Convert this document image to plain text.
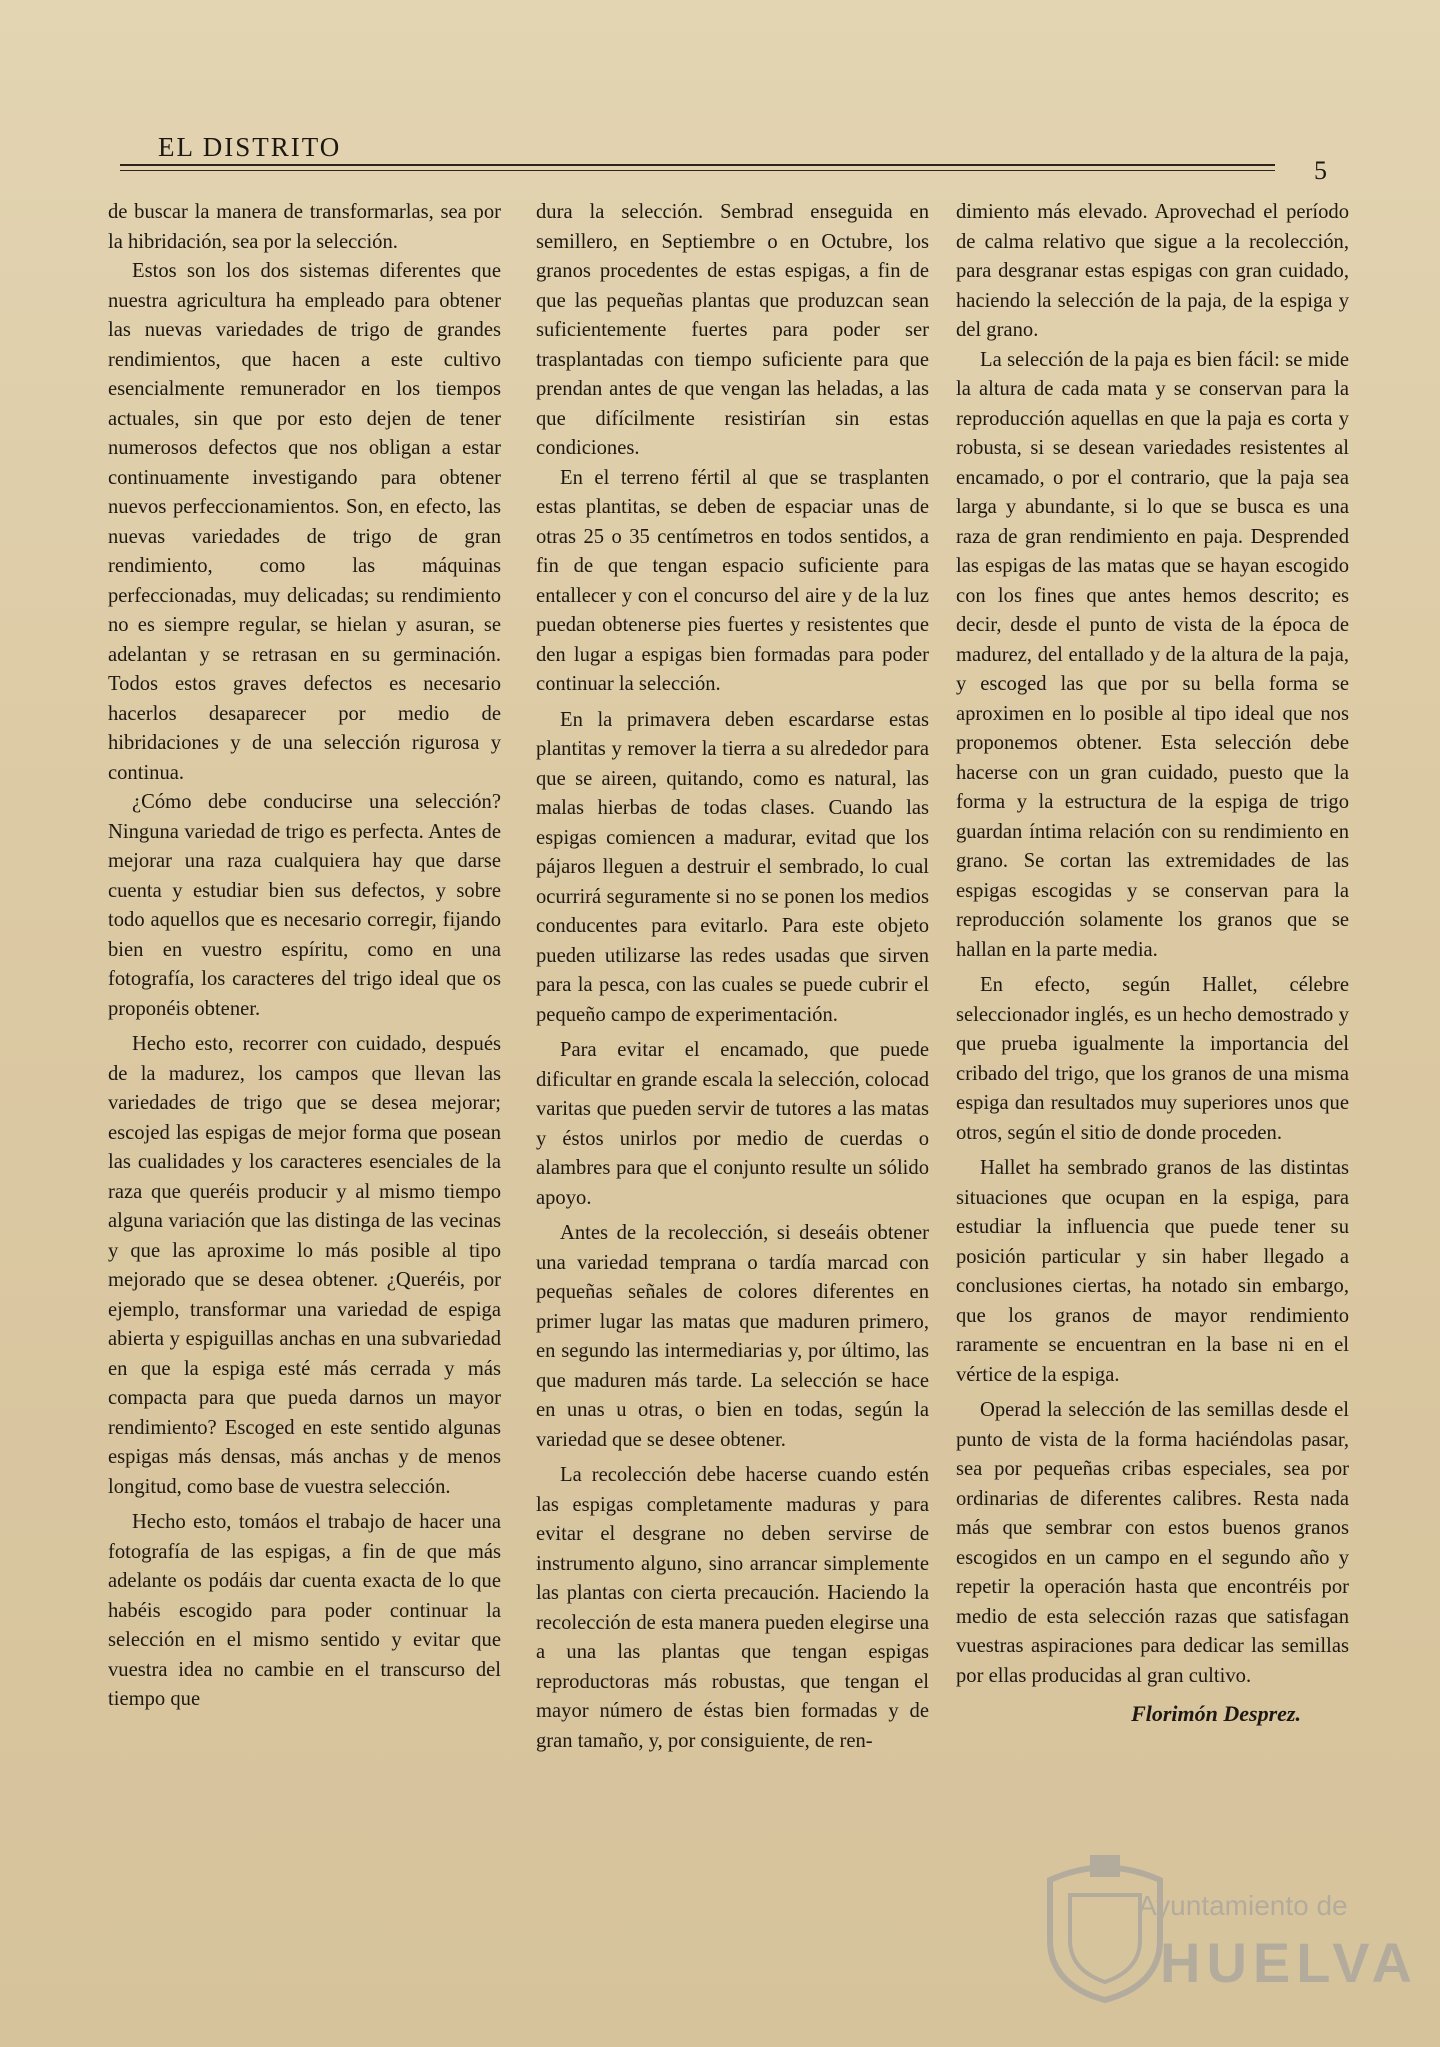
EL DISTRITO
5

de buscar la manera de transformarlas, sea por la hibridación, sea por la selección.

Estos son los dos sistemas diferentes que nuestra agricultura ha empleado para obtener las nuevas variedades de trigo de grandes rendimientos, que hacen a este cultivo esencialmente remunerador en los tiempos actuales, sin que por esto dejen de tener numerosos defectos que nos obligan a estar continuamente investigando para obtener nuevos perfeccionamientos. Son, en efecto, las nuevas variedades de trigo de gran rendimiento, como las máquinas perfeccionadas, muy delicadas; su rendimiento no es siempre regular, se hielan y asuran, se adelantan y se retrasan en su germinación. Todos estos graves defectos es necesario hacerlos desaparecer por medio de hibridaciones y de una selección rigurosa y continua.

¿Cómo debe conducirse una selección? Ninguna variedad de trigo es perfecta. Antes de mejorar una raza cualquiera hay que darse cuenta y estudiar bien sus defectos, y sobre todo aquellos que es necesario corregir, fijando bien en vuestro espíritu, como en una fotografía, los caracteres del trigo ideal que os proponéis obtener.

Hecho esto, recorrer con cuidado, después de la madurez, los campos que llevan las variedades de trigo que se desea mejorar; escojed las espigas de mejor forma que posean las cualidades y los caracteres esenciales de la raza que queréis producir y al mismo tiempo alguna variación que las distinga de las vecinas y que las aproxime lo más posible al tipo mejorado que se desea obtener. ¿Queréis, por ejemplo, transformar una variedad de espiga abierta y espiguillas anchas en una subvariedad en que la espiga esté más cerrada y más compacta para que pueda darnos un mayor rendimiento? Escoged en este sentido algunas espigas más densas, más anchas y de menos longitud, como base de vuestra selección.

Hecho esto, tomáos el trabajo de hacer una fotografía de las espigas, a fin de que más adelante os podáis dar cuenta exacta de lo que habéis escogido para poder continuar la selección en el mismo sentido y evitar que vuestra idea no cambie en el transcurso del tiempo que

dura la selección. Sembrad enseguida en semillero, en Septiembre o en Octubre, los granos procedentes de estas espigas, a fin de que las pequeñas plantas que produzcan sean suficientemente fuertes para poder ser trasplantadas con tiempo suficiente para que prendan antes de que vengan las heladas, a las que difícilmente resistirían sin estas condiciones.

En el terreno fértil al que se trasplanten estas plantitas, se deben de espaciar unas de otras 25 o 35 centímetros en todos sentidos, a fin de que tengan espacio suficiente para entallecer y con el concurso del aire y de la luz puedan obtenerse pies fuertes y resistentes que den lugar a espigas bien formadas para poder continuar la selección.

En la primavera deben escardarse estas plantitas y remover la tierra a su alrededor para que se aireen, quitando, como es natural, las malas hierbas de todas clases. Cuando las espigas comiencen a madurar, evitad que los pájaros lleguen a destruir el sembrado, lo cual ocurrirá seguramente si no se ponen los medios conducentes para evitarlo. Para este objeto pueden utilizarse las redes usadas que sirven para la pesca, con las cuales se puede cubrir el pequeño campo de experimentación.

Para evitar el encamado, que puede dificultar en grande escala la selección, colocad varitas que pueden servir de tutores a las matas y éstos unirlos por medio de cuerdas o alambres para que el conjunto resulte un sólido apoyo.

Antes de la recolección, si deseáis obtener una variedad temprana o tardía marcad con pequeñas señales de colores diferentes en primer lugar las matas que maduren primero, en segundo las intermediarias y, por último, las que maduren más tarde. La selección se hace en unas u otras, o bien en todas, según la variedad que se desee obtener.

La recolección debe hacerse cuando estén las espigas completamente maduras y para evitar el desgrane no deben servirse de instrumento alguno, sino arrancar simplemente las plantas con cierta precaución. Haciendo la recolección de esta manera pueden elegirse una a una las plantas que tengan espigas reproductoras más robustas, que tengan el mayor número de éstas bien formadas y de gran tamaño, y, por consiguiente, de ren-

dimiento más elevado. Aprovechad el período de calma relativo que sigue a la recolección, para desgranar estas espigas con gran cuidado, haciendo la selección de la paja, de la espiga y del grano.

La selección de la paja es bien fácil: se mide la altura de cada mata y se conservan para la reproducción aquellas en que la paja es corta y robusta, si se desean variedades resistentes al encamado, o por el contrario, que la paja sea larga y abundante, si lo que se busca es una raza de gran rendimiento en paja. Desprended las espigas de las matas que se hayan escogido con los fines que antes hemos descrito; es decir, desde el punto de vista de la época de madurez, del entallado y de la altura de la paja, y escoged las que por su bella forma se aproximen en lo posible al tipo ideal que nos proponemos obtener. Esta selección debe hacerse con un gran cuidado, puesto que la forma y la estructura de la espiga de trigo guardan íntima relación con su rendimiento en grano. Se cortan las extremidades de las espigas escogidas y se conservan para la reproducción solamente los granos que se hallan en la parte media.

En efecto, según Hallet, célebre seleccionador inglés, es un hecho demostrado y que prueba igualmente la importancia del cribado del trigo, que los granos de una misma espiga dan resultados muy superiores unos que otros, según el sitio de donde proceden.

Hallet ha sembrado granos de las distintas situaciones que ocupan en la espiga, para estudiar la influencia que puede tener su posición particular y sin haber llegado a conclusiones ciertas, ha notado sin embargo, que los granos de mayor rendimiento raramente se encuentran en la base ni en el vértice de la espiga.

Operad la selección de las semillas desde el punto de vista de la forma haciéndolas pasar, sea por pequeñas cribas especiales, sea por ordinarias de diferentes calibres. Resta nada más que sembrar con estos buenos granos escogidos en un campo en el segundo año y repetir la operación hasta que encontréis por medio de esta selección razas que satisfagan vuestras aspiraciones para dedicar las semillas por ellas producidas al gran cultivo.

Florimón Desprez.
Ayuntamiento de
HUELVA
